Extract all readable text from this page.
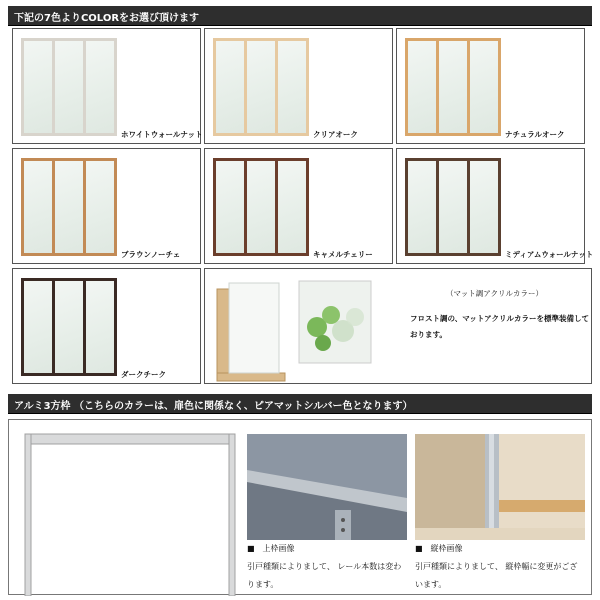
下記の7色よりCOLORをお選び頂けます
ホワイトウォールナット	クリアオーク	ナチュラルオーク
ブラウンノーチェ	キャメルチェリー	ミディアムウォールナット
ダークチーク
（マット調アクリルカラー）
フロスト調の、マットアクリルカラーを標準装備しております。
アルミ3方枠 （こちらのカラーは、扉色に関係なく、ピアマットシルバー色となります）
■　上枠画像
引戸種類によりまして、 レール本数は変わります。
■　縦枠画像
引戸種類によりまして、 縦枠幅に変更がございます。
